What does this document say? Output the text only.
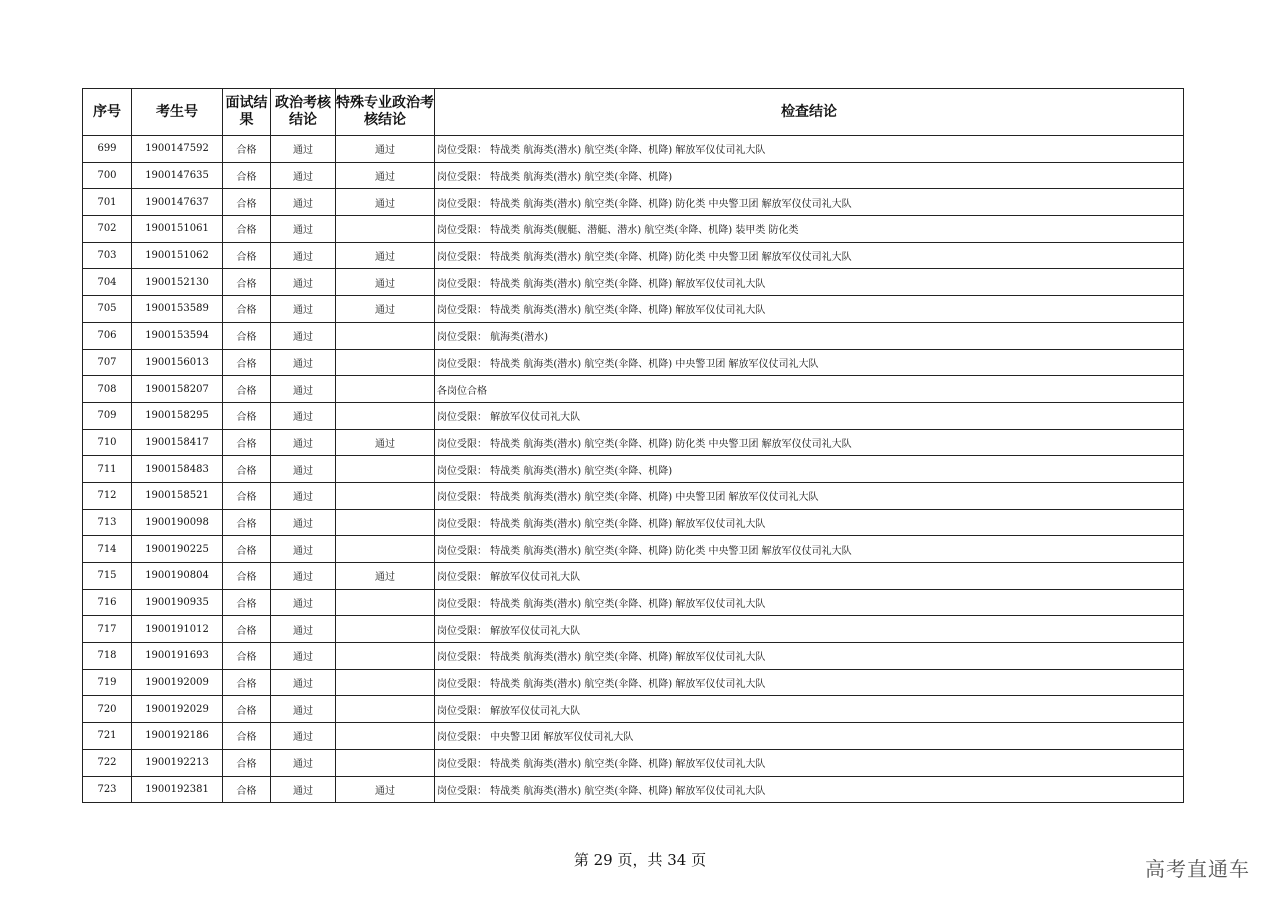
序号	考生号	面试结果	政治考核结论	特殊专业政治考核结论	检查结论
699	1900147592	合格	通过	通过	岗位受限： 特战类 航海类(潜水) 航空类(伞降、机降) 解放军仪仗司礼大队
700	1900147635	合格	通过	通过	岗位受限： 特战类 航海类(潜水) 航空类(伞降、机降)
701	1900147637	合格	通过	通过	岗位受限： 特战类 航海类(潜水) 航空类(伞降、机降) 防化类 中央警卫团 解放军仪仗司礼大队
702	1900151061	合格	通过		岗位受限： 特战类 航海类(舰艇、潜艇、潜水) 航空类(伞降、机降) 装甲类 防化类
703	1900151062	合格	通过	通过	岗位受限： 特战类 航海类(潜水) 航空类(伞降、机降) 防化类 中央警卫团 解放军仪仗司礼大队
704	1900152130	合格	通过	通过	岗位受限： 特战类 航海类(潜水) 航空类(伞降、机降) 解放军仪仗司礼大队
705	1900153589	合格	通过	通过	岗位受限： 特战类 航海类(潜水) 航空类(伞降、机降) 解放军仪仗司礼大队
706	1900153594	合格	通过		岗位受限： 航海类(潜水)
707	1900156013	合格	通过		岗位受限： 特战类 航海类(潜水) 航空类(伞降、机降) 中央警卫团 解放军仪仗司礼大队
708	1900158207	合格	通过		各岗位合格
709	1900158295	合格	通过		岗位受限： 解放军仪仗司礼大队
710	1900158417	合格	通过	通过	岗位受限： 特战类 航海类(潜水) 航空类(伞降、机降) 防化类 中央警卫团 解放军仪仗司礼大队
711	1900158483	合格	通过		岗位受限： 特战类 航海类(潜水) 航空类(伞降、机降)
712	1900158521	合格	通过		岗位受限： 特战类 航海类(潜水) 航空类(伞降、机降) 中央警卫团 解放军仪仗司礼大队
713	1900190098	合格	通过		岗位受限： 特战类 航海类(潜水) 航空类(伞降、机降) 解放军仪仗司礼大队
714	1900190225	合格	通过		岗位受限： 特战类 航海类(潜水) 航空类(伞降、机降) 防化类 中央警卫团 解放军仪仗司礼大队
715	1900190804	合格	通过	通过	岗位受限： 解放军仪仗司礼大队
716	1900190935	合格	通过		岗位受限： 特战类 航海类(潜水) 航空类(伞降、机降) 解放军仪仗司礼大队
717	1900191012	合格	通过		岗位受限： 解放军仪仗司礼大队
718	1900191693	合格	通过		岗位受限： 特战类 航海类(潜水) 航空类(伞降、机降) 解放军仪仗司礼大队
719	1900192009	合格	通过		岗位受限： 特战类 航海类(潜水) 航空类(伞降、机降) 解放军仪仗司礼大队
720	1900192029	合格	通过		岗位受限： 解放军仪仗司礼大队
721	1900192186	合格	通过		岗位受限： 中央警卫团 解放军仪仗司礼大队
722	1900192213	合格	通过		岗位受限： 特战类 航海类(潜水) 航空类(伞降、机降) 解放军仪仗司礼大队
723	1900192381	合格	通过	通过	岗位受限： 特战类 航海类(潜水) 航空类(伞降、机降) 解放军仪仗司礼大队
第 29 页，共 34 页	高考直通车
